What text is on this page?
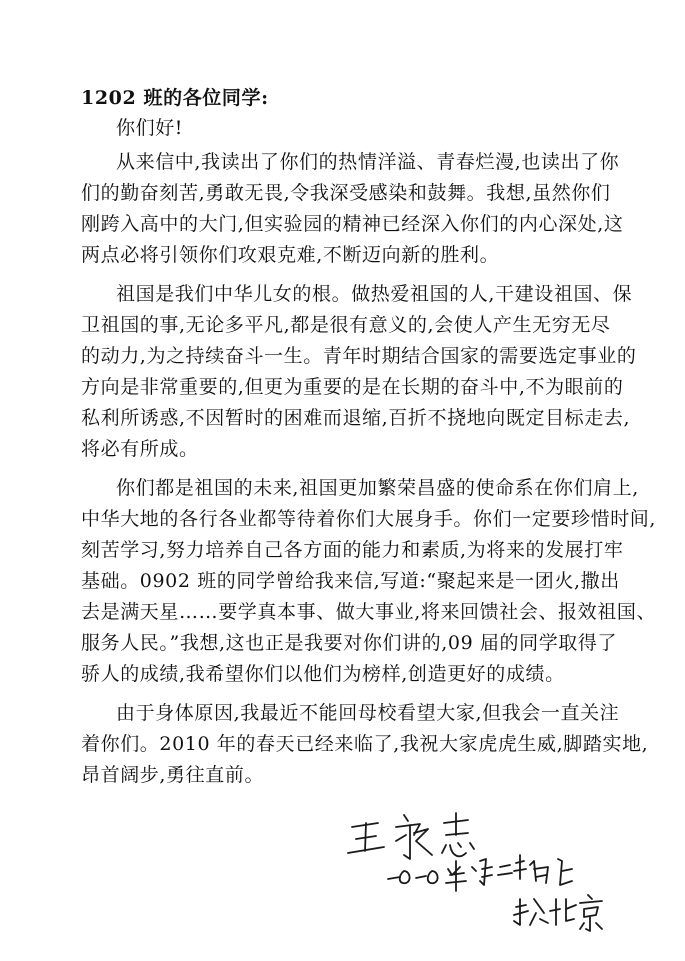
1202 班的各位同学:
你们好!
从来信中,我读出了你们的热情洋溢、青春烂漫,也读出了你
们的勤奋刻苦,勇敢无畏,令我深受感染和鼓舞。我想,虽然你们
刚跨入高中的大门,但实验园的精神已经深入你们的内心深处,这
两点必将引领你们攻艰克难,不断迈向新的胜利。
祖国是我们中华儿女的根。做热爱祖国的人,干建设祖国、保
卫祖国的事,无论多平凡,都是很有意义的,会使人产生无穷无尽
的动力,为之持续奋斗一生。青年时期结合国家的需要选定事业的
方向是非常重要的,但更为重要的是在长期的奋斗中,不为眼前的
私利所诱惑,不因暂时的困难而退缩,百折不挠地向既定目标走去,
将必有所成。
你们都是祖国的未来,祖国更加繁荣昌盛的使命系在你们肩上,
中华大地的各行各业都等待着你们大展身手。你们一定要珍惜时间,
刻苦学习,努力培养自己各方面的能力和素质,为将来的发展打牢
基础。0902 班的同学曾给我来信,写道:“聚起来是一团火,撒出
去是满天星……要学真本事、做大事业,将来回馈社会、报效祖国、
服务人民。”我想,这也正是我要对你们讲的,09 届的同学取得了
骄人的成绩,我希望你们以他们为榜样,创造更好的成绩。
由于身体原因,我最近不能回母校看望大家,但我会一直关注
着你们。2010 年的春天已经来临了,我祝大家虎虎生威,脚踏实地,
昂首阔步,勇往直前。
